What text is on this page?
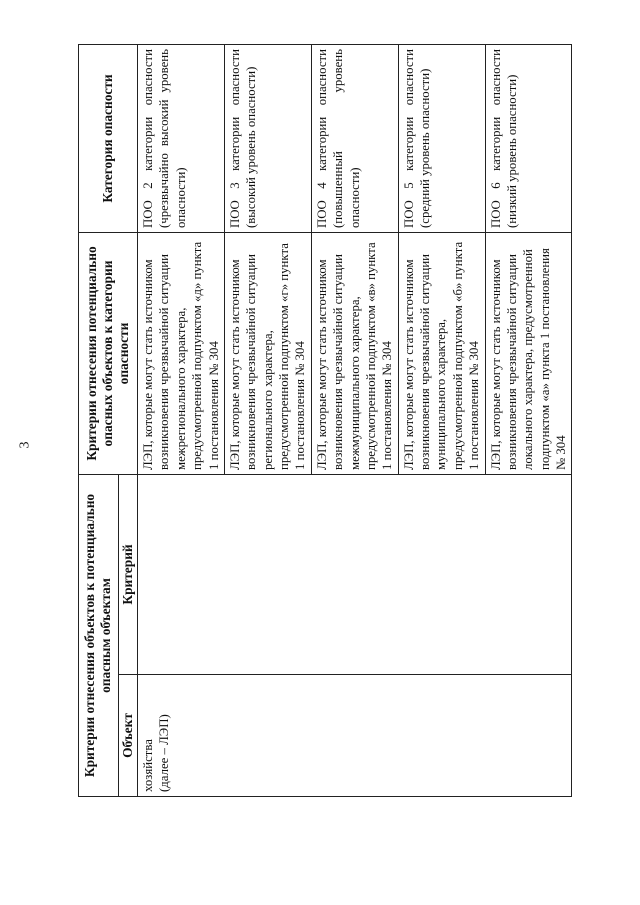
3
Критерии отнесения объектов к потенциально опасным объектам		Критерии отнесения потенциально опасных объектов к категории опасности	Категория опасности
Объект	Критерий		
хозяйства
(далее – ЛЭП)		ЛЭП, которые могут стать источником возникновения чрезвычайной ситуации межрегионального характера, предусмотренной подпунктом «д» пункта 1 постановления № 304	ПОО 2 категории опасности (чрезвычайно высокий уровень опасности)
		ЛЭП, которые могут стать источником возникновения чрезвычайной ситуации регионального характера, предусмотренной подпунктом «г» пункта 1 постановления № 304	ПОО 3 категории опасности (высокий уровень опасности)
		ЛЭП, которые могут стать источником возникновения чрезвычайной ситуации межмуниципального характера, предусмотренной подпунктом «в» пункта 1 постановления № 304	ПОО 4 категории опасности (повышенный уровень опасности)
		ЛЭП, которые могут стать источником возникновения чрезвычайной ситуации муниципального характера, предусмотренной подпунктом «б» пункта 1 постановления № 304	ПОО 5 категории опасности (средний уровень опасности)
		ЛЭП, которые могут стать источником возникновения чрезвычайной ситуации локального характера, предусмотренной подпунктом «а» пункта 1 постановления № 304	ПОО 6 категории опасности (низкий уровень опасности)
